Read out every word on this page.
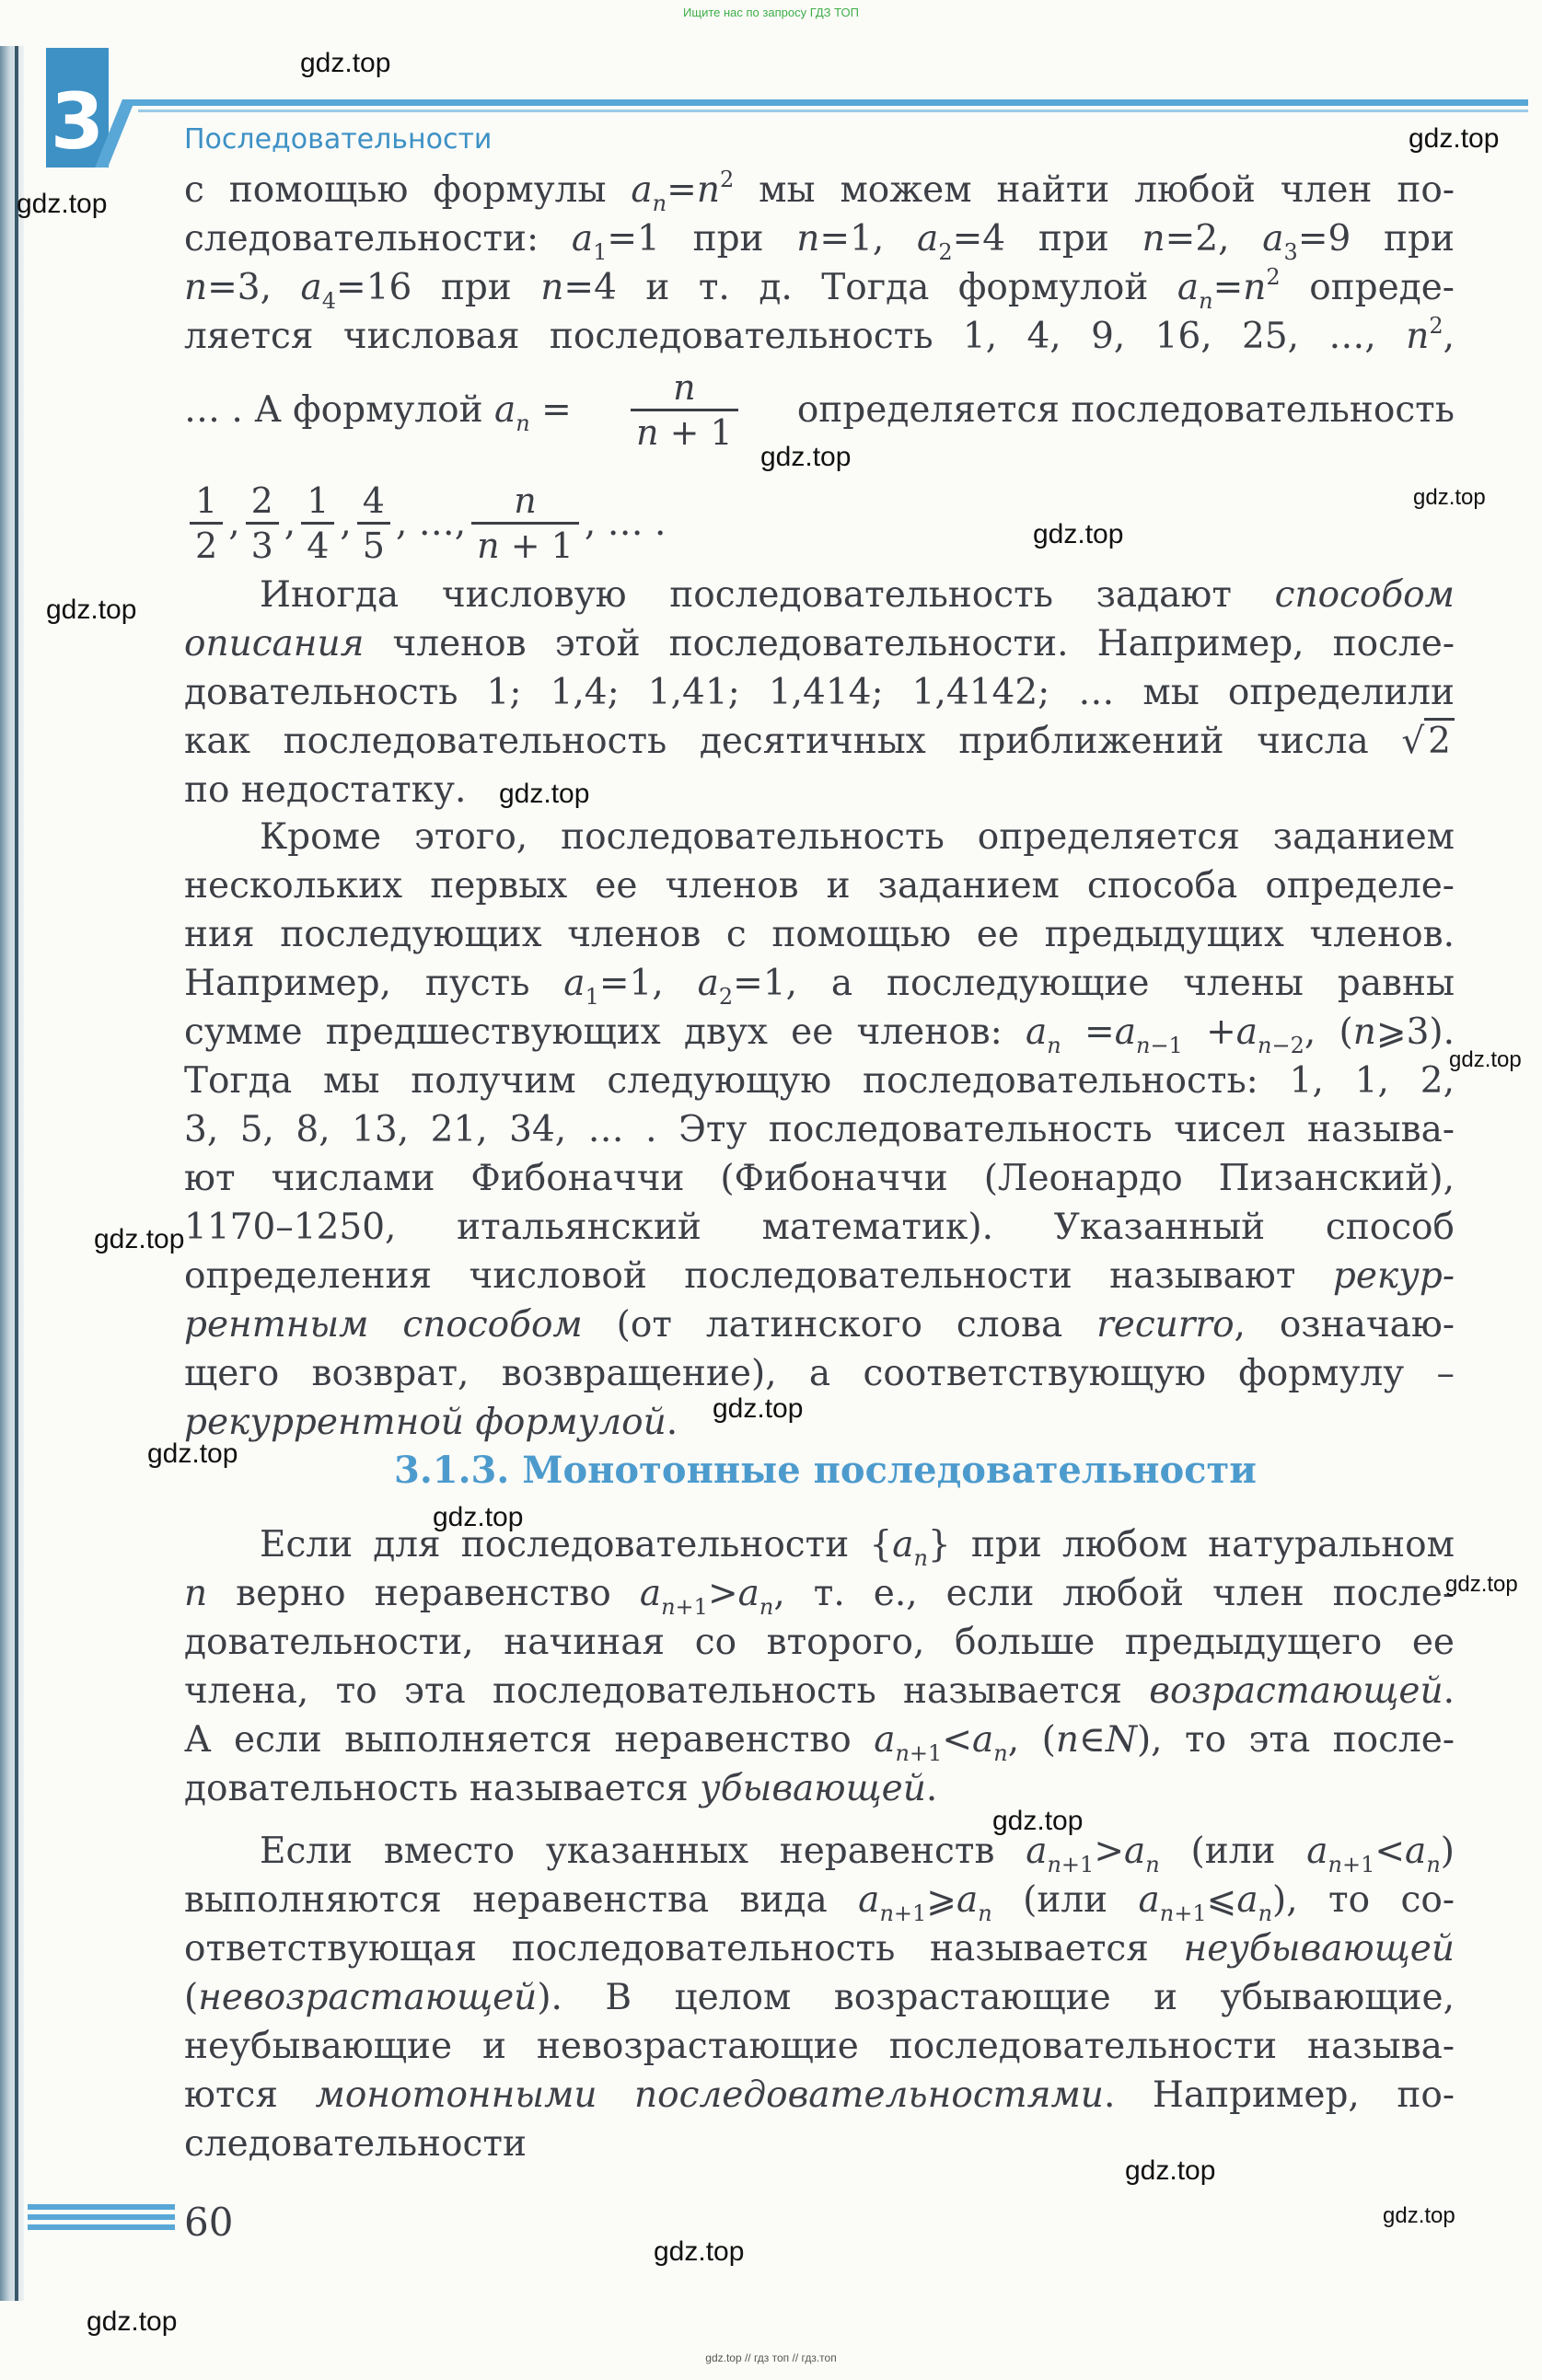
Ищите нас по запросу ГДЗ ТОП
3	Последовательности
с помощью формулы $a_n=n^2$ мы можем найти любой член по-
следовательности: $a_1=1$ при n=1, $a_2=4$ при n=2, $a_3=9$ при
n=3, $a_4=16$ при n=4 и т. д. Тогда формулой $a_n=n^2$ опреде-
ляется числовая последовательность 1, 4, 9, 16, 25, …, $n^2$,
… . А формулой $a_n = \frac{n}{n + 1}$ определяется последовательность
$\frac{1}{2}$ , $\frac{2}{3}$ , $\frac{1}{4}$ , $\frac{4}{5}$ , …, $\frac{n}{n + 1}$ , … .
Иногда числовую последовательность задают способом
описания членов этой последовательности. Например, после-
довательность 1; 1,4; 1,41; 1,414; 1,4142; … мы определили
как последовательность десятичных приближений числа √ 2
по недостатку.
Кроме этого, последовательность определяется заданием
нескольких первых ее членов и заданием способа определе-
ния последующих членов с помощью ее предыдущих членов.
Например, пусть $a_1=1$, $a_2=1$, а последующие члены равны
сумме предшествующих двух ее членов: $a_n =a_{n-1} +a_{n-2}$, (n⩾3).
Тогда мы получим следующую последовательность: 1, 1, 2,
3, 5, 8, 13, 21, 34, … . Эту последовательность чисел называ-
ют числами Фибоначчи (Фибоначчи (Леонардо Пизанский),
1170–1250, итальянский математик). Указанный способ
определения числовой последовательности называют рекур-
рентным способом (от латинского слова recurro, означаю-
щего возврат, возвращение), а соответствующую формулу –
рекуррентной формулой.
3.1.3. Монотонные последовательности
Если для последовательности $\{a_n\}$ при любом натуральном
n верно неравенство $a_{n+1}>a_n$, т. е., если любой член после-
довательности, начиная со второго, больше предыдущего ее
члена, то эта последовательность называется возрастающей.
А если выполняется неравенство $a_{n+1}<a_n$, (n∈N), то эта после-
довательность называется убывающей.
Если вместо указанных неравенств $a_{n+1}>a_n$ (или $a_{n+1}<a_n$)
выполняются неравенства вида $a_{n+1}⩾a_n$ (или $a_{n+1}⩽a_n$), то со-
ответствующая последовательность называется неубывающей
(невозрастающей). В целом возрастающие и убывающие,
неубывающие и невозрастающие последовательности называ-
ются монотонными последовательностями. Например, по-
следовательности
60
gdz.top
gdz.top
gdz.top
gdz.top
gdz.top
gdz.top
gdz.top
gdz.top
gdz.top
gdz.top
gdz.top
gdz.top
gdz.top
gdz.top
gdz.top
gdz.top
gdz.top
gdz.top
gdz.top
gdz.top // гдз топ // гдз.топ
